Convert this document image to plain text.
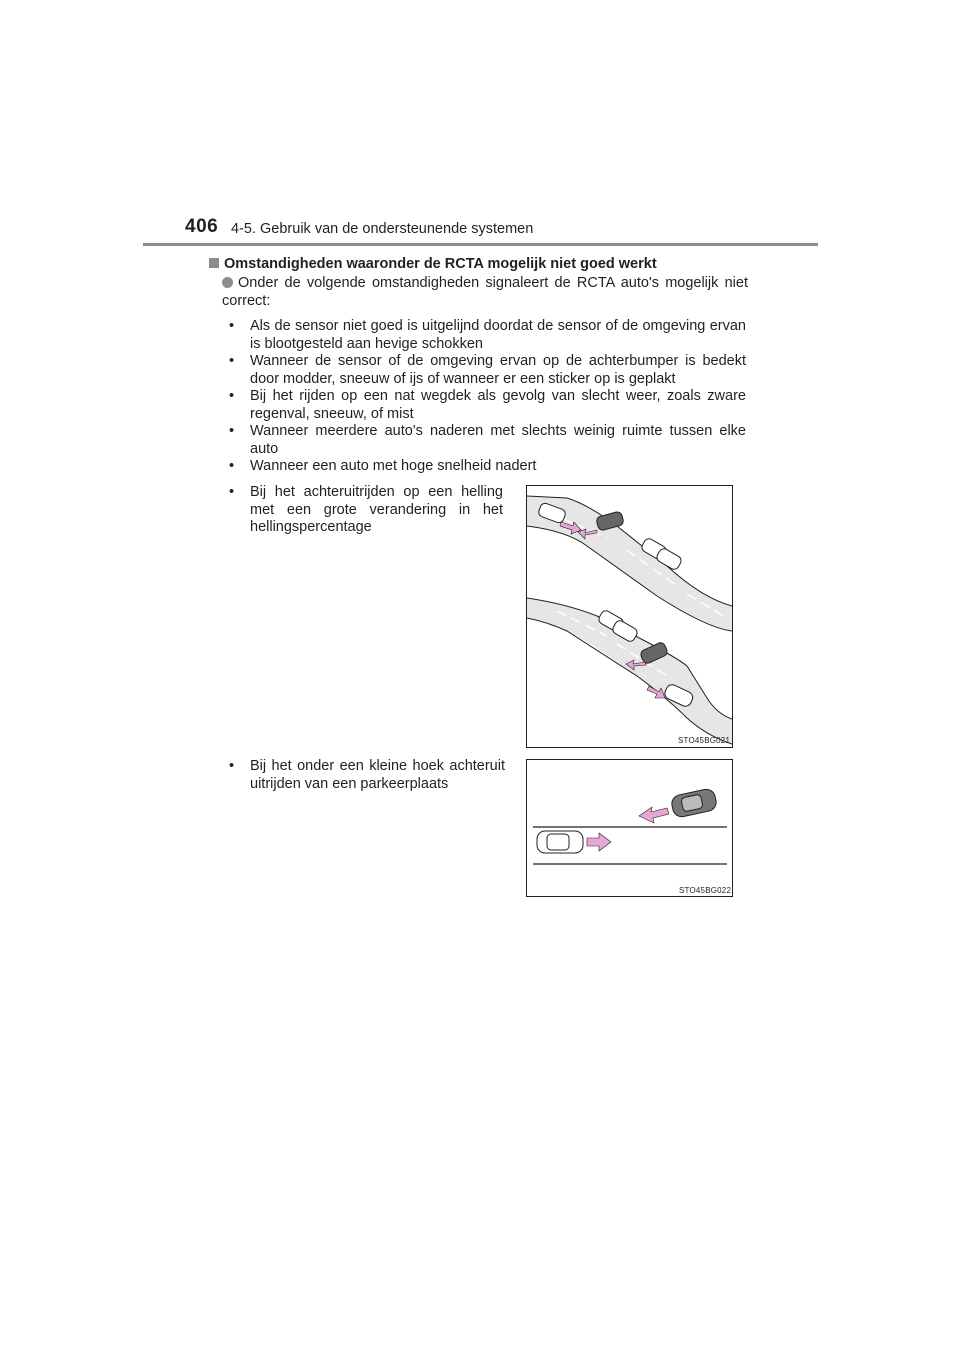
406 4-5. Gebruik van de ondersteunende systemen
Omstandigheden waaronder de RCTA mogelijk niet goed werkt
Onder de volgende omstandigheden signaleert de RCTA auto's mogelijk niet correct:
• Als de sensor niet goed is uitgelijnd doordat de sensor of de omgeving ervan is blootgesteld aan hevige schokken
• Wanneer de sensor of de omgeving ervan op de achterbumper is bedekt door modder, sneeuw of ijs of wanneer er een sticker op is geplakt
• Bij het rijden op een nat wegdek als gevolg van slecht weer, zoals zware regenval, sneeuw, of mist
• Wanneer meerdere auto's naderen met slechts weinig ruimte tussen elke auto
• Wanneer een auto met hoge snelheid nadert
• Bij het achteruitrijden op een helling met een grote verandering in het hellingspercentage
• Bij het onder een kleine hoek achteruit uitrijden van een parkeerplaats
STO45BG021
STO45BG022
